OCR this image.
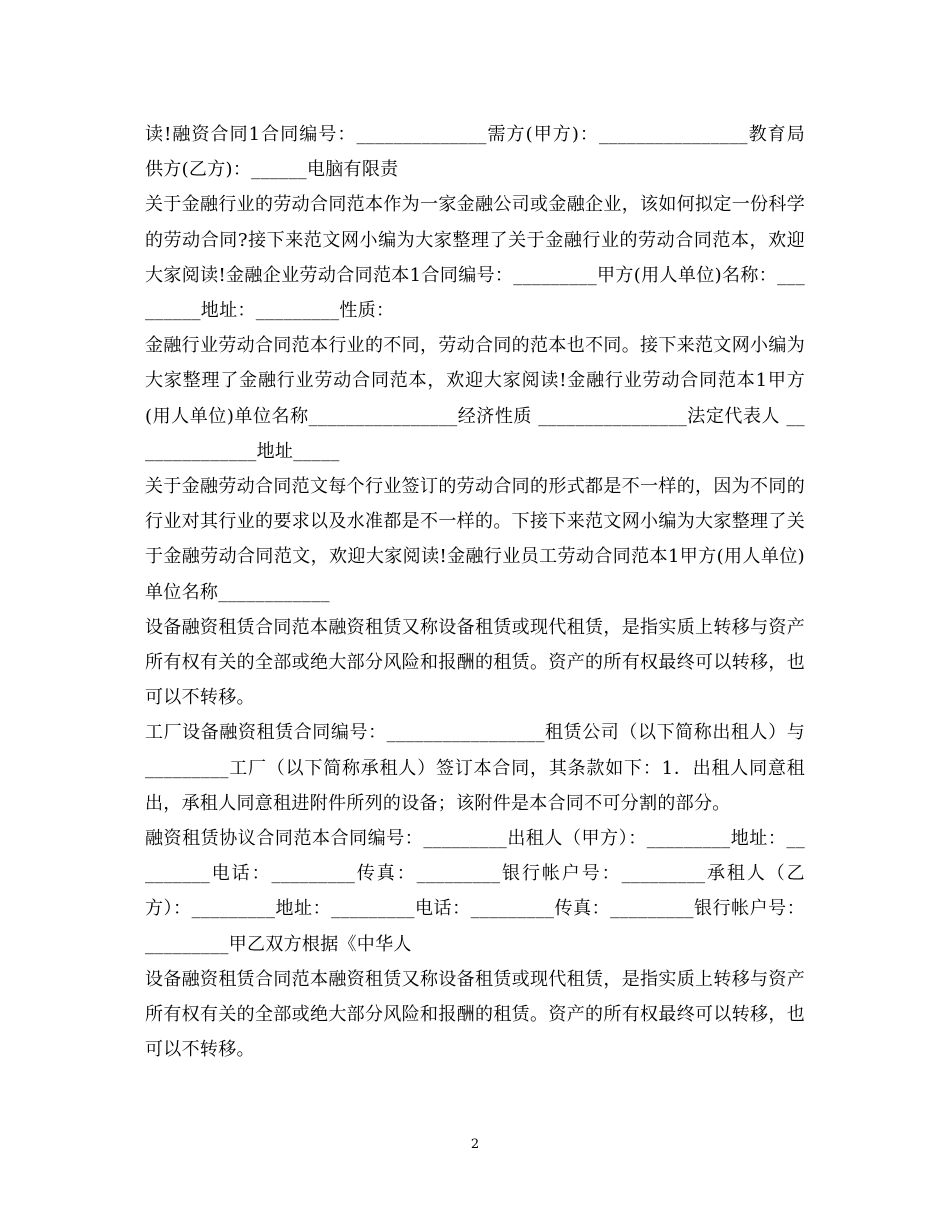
读!融资合同1合同编号：______________需方(甲方)：________________教育局供方(乙方)：______电脑有限责

关于金融行业的劳动合同范本作为一家金融公司或金融企业，该如何拟定一份科学的劳动合同?接下来范文网小编为大家整理了关于金融行业的劳动合同范本，欢迎大家阅读!金融企业劳动合同范本1合同编号：_________甲方(用人单位)名称：_________地址：_________性质：

金融行业劳动合同范本行业的不同，劳动合同的范本也不同。接下来范文网小编为大家整理了金融行业劳动合同范本，欢迎大家阅读!金融行业劳动合同范本1甲方(用人单位)单位名称________________经济性质 ________________法定代表人 ______________地址_____

关于金融劳动合同范文每个行业签订的劳动合同的形式都是不一样的，因为不同的行业对其行业的要求以及水准都是不一样的。下接下来范文网小编为大家整理了关于金融劳动合同范文，欢迎大家阅读!金融行业员工劳动合同范本1甲方(用人单位)单位名称____________

设备融资租赁合同范本融资租赁又称设备租赁或现代租赁，是指实质上转移与资产所有权有关的全部或绝大部分风险和报酬的租赁。资产的所有权最终可以转移，也可以不转移。

工厂设备融资租赁合同编号：_________________租赁公司（以下简称出租人）与_________工厂（以下简称承租人）签订本合同，其条款如下：1．出租人同意租出，承租人同意租进附件所列的设备；该附件是本合同不可分割的部分。

融资租赁协议合同范本合同编号：_________出租人（甲方）：_________地址：_________电话：_________传真：_________银行帐户号：_________承租人（乙方）：_________地址：_________电话：_________传真：_________银行帐户号：_________甲乙双方根据《中华人

设备融资租赁合同范本融资租赁又称设备租赁或现代租赁，是指实质上转移与资产所有权有关的全部或绝大部分风险和报酬的租赁。资产的所有权最终可以转移，也可以不转移。

2
